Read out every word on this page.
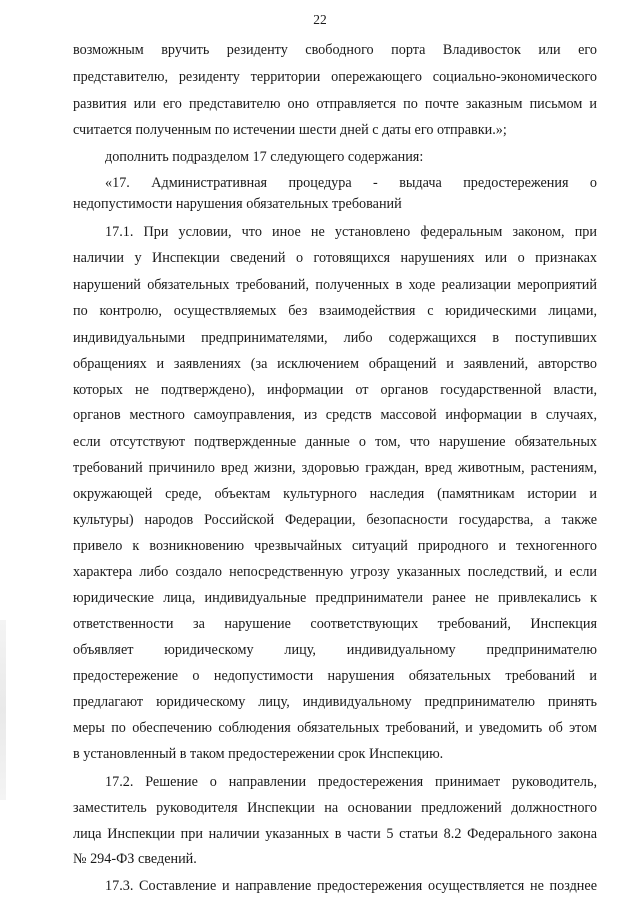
22
возможным вручить резиденту свободного порта Владивосток или его
представителю, резиденту территории опережающего социально-экономического
развития или его представителю оно отправляется по почте заказным письмом и
считается полученным по истечении шести дней с даты его отправки.»;
дополнить подразделом 17 следующего содержания:
«17. Административная процедура - выдача предостережения о
недопустимости нарушения обязательных требований
17.1. При условии, что иное не установлено федеральным законом, при
наличии у Инспекции сведений о готовящихся нарушениях или о признаках
нарушений обязательных требований, полученных в ходе реализации мероприятий
по контролю, осуществляемых без взаимодействия с юридическими лицами,
индивидуальными предпринимателями, либо содержащихся в поступивших
обращениях и заявлениях (за исключением обращений и заявлений, авторство
которых не подтверждено), информации от органов государственной власти,
органов местного самоуправления, из средств массовой информации в случаях,
если отсутствуют подтвержденные данные о том, что нарушение обязательных
требований причинило вред жизни, здоровью граждан, вред животным, растениям,
окружающей среде, объектам культурного наследия (памятникам истории и
культуры) народов Российской Федерации, безопасности государства, а также
привело к возникновению чрезвычайных ситуаций природного и техногенного
характера либо создало непосредственную угрозу указанных последствий, и если
юридические лица, индивидуальные предприниматели ранее не привлекались к
ответственности за нарушение соответствующих требований, Инспекция
объявляет юридическому лицу, индивидуальному предпринимателю
предостережение о недопустимости нарушения обязательных требований и
предлагают юридическому лицу, индивидуальному предпринимателю принять
меры по обеспечению соблюдения обязательных требований, и уведомить об этом
в установленный в таком предостережении срок Инспекцию.
17.2. Решение о направлении предостережения принимает руководитель,
заместитель руководителя Инспекции на основании предложений должностного
лица Инспекции при наличии указанных в части 5 статьи 8.2 Федерального закона
№ 294-ФЗ сведений.
17.3. Составление и направление предостережения осуществляется не позднее
